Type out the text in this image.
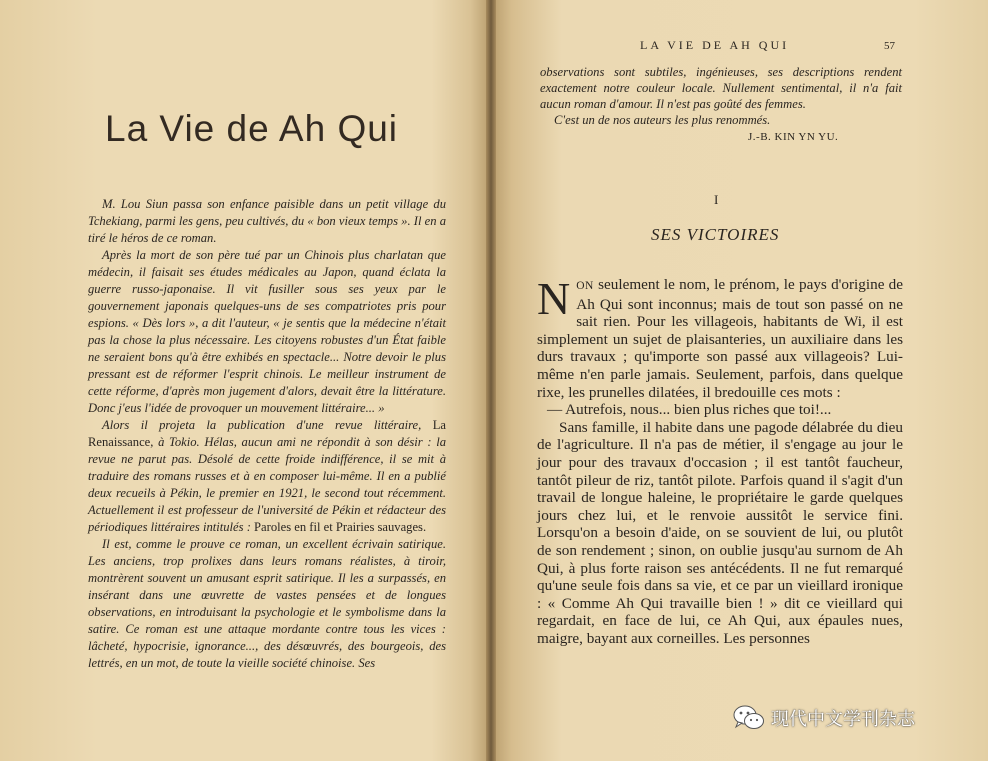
La Vie de Ah Qui

M. Lou Siun passa son enfance paisible dans un petit village du Tchekiang, parmi les gens, peu cultivés, du « bon vieux temps ». Il en a tiré le héros de ce roman.

Après la mort de son père tué par un Chinois plus charlatan que médecin, il faisait ses études médicales au Japon, quand éclata la guerre russo-japonaise. Il vit fusiller sous ses yeux par le gouvernement japonais quelques-uns de ses compatriotes pris pour espions. « Dès lors », a dit l'auteur, « je sentis que la médecine n'était pas la chose la plus nécessaire. Les citoyens robustes d'un État faible ne seraient bons qu'à être exhibés en spectacle... Notre devoir le plus pressant est de réformer l'esprit chinois. Le meilleur instrument de cette réforme, d'après mon jugement d'alors, devait être la littérature. Donc j'eus l'idée de provoquer un mouvement littéraire... »

Alors il projeta la publication d'une revue littéraire, La Renaissance, à Tokio. Hélas, aucun ami ne répondit à son désir : la revue ne parut pas. Désolé de cette froide indifférence, il se mit à traduire des romans russes et à en composer lui-même. Il en a publié deux recueils à Pékin, le premier en 1921, le second tout récemment. Actuellement il est professeur de l'université de Pékin et rédacteur des périodiques littéraires intitulés : Paroles en fil et Prairies sauvages.

Il est, comme le prouve ce roman, un excellent écrivain satirique. Les anciens, trop prolixes dans leurs romans réalistes, à tiroir, montrèrent souvent un amusant esprit satirique. Il les a surpassés, en insérant dans une œuvrette de vastes pensées et de longues observations, en introduisant la psychologie et le symbolisme dans la satire. Ce roman est une attaque mordante contre tous les vices : lâcheté, hypocrisie, ignorance..., des désœuvrés, des bourgeois, des lettrés, en un mot, de toute la vieille société chinoise. Ses

LA VIE DE AH QUI	57

observations sont subtiles, ingénieuses, ses descriptions rendent exactement notre couleur locale. Nullement sentimental, il n'a fait aucun roman d'amour. Il n'est pas goûté des femmes.

C'est un de nos auteurs les plus renommés.

J.-B. KIN YN YU.
I
SES VICTOIRES

NON seulement le nom, le prénom, le pays d'origine de Ah Qui sont inconnus; mais de tout son passé on ne sait rien. Pour les villageois, habitants de Wi, il est simplement un sujet de plaisanteries, un auxiliaire dans les durs travaux ; qu'importe son passé aux villageois? Lui-même n'en parle jamais. Seulement, parfois, dans quelque rixe, les prunelles dilatées, il bredouille ces mots :

— Autrefois, nous... bien plus riches que toi!...

Sans famille, il habite dans une pagode délabrée du dieu de l'agriculture. Il n'a pas de métier, il s'engage au jour le jour pour des travaux d'occasion ; il est tantôt faucheur, tantôt pileur de riz, tantôt pilote. Parfois quand il s'agit d'un travail de longue haleine, le propriétaire le garde quelques jours chez lui, et le renvoie aussitôt le service fini. Lorsqu'on a besoin d'aide, on se souvient de lui, ou plutôt de son rendement ; sinon, on oublie jusqu'au surnom de Ah Qui, à plus forte raison ses antécédents. Il ne fut remarqué qu'une seule fois dans sa vie, et ce par un vieillard ironique : « Comme Ah Qui travaille bien ! » dit ce vieillard qui regardait, en face de lui, ce Ah Qui, aux épaules nues, maigre, bayant aux corneilles. Les personnes

现代中文学刊杂志
